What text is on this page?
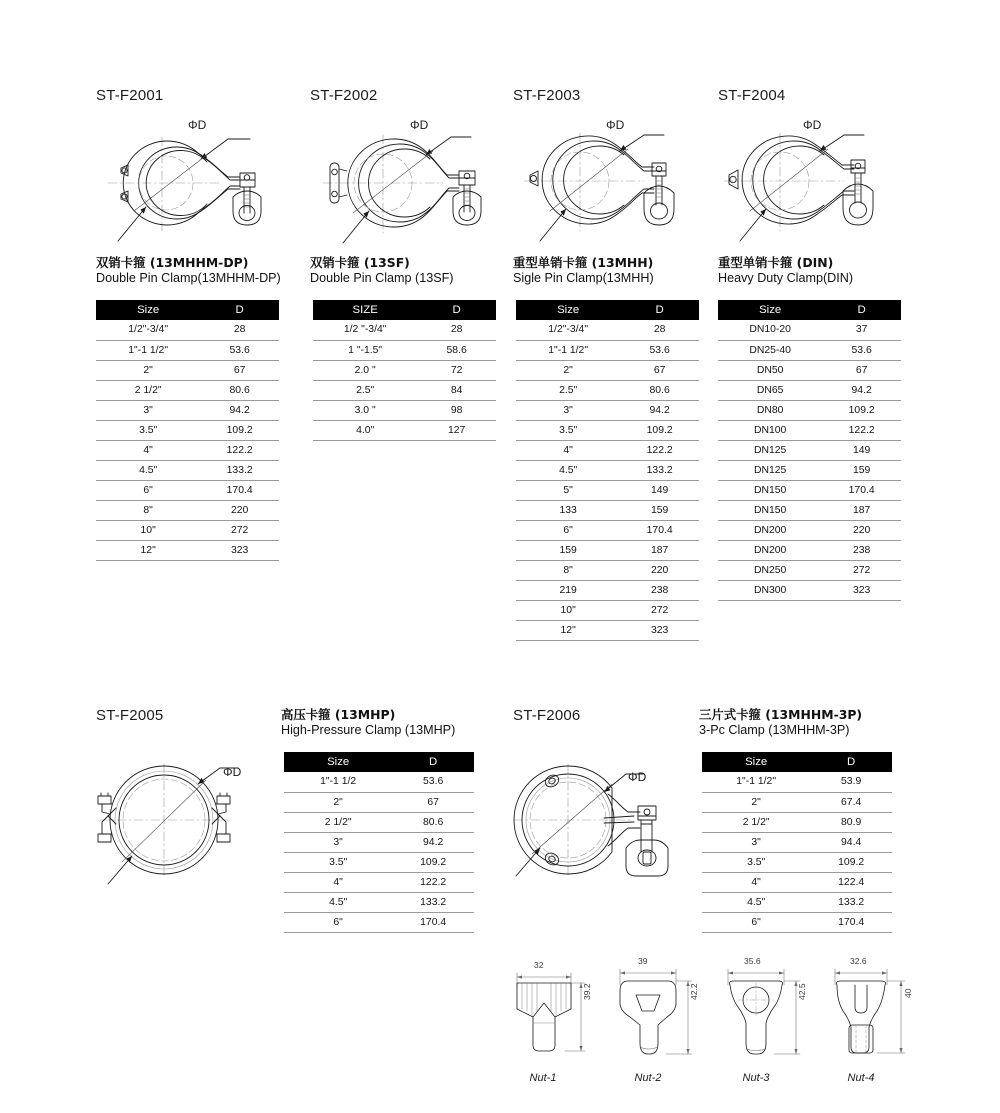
ST-F2001
ΦD
双销卡箍 (13MHHM-DP)
Double Pin Clamp(13MHHM-DP)
Size	D
1/2"-3/4"	28
1"-1 1/2"	53.6
2"	67
2 1/2"	80.6
3"	94.2
3.5"	109.2
4"	122.2
4.5"	133.2
6"	170.4
8"	220
10"	272
12"	323
ST-F2002
ΦD
双销卡箍 (13SF)
Double Pin Clamp (13SF)
SIZE	D
1/2 "-3/4"	28
1 "-1.5"	58.6
2.0 "	72
2.5"	84
3.0 "	98
4.0"	127
ST-F2003
ΦD
重型单销卡箍 (13MHH)
Sigle Pin Clamp(13MHH)
Size	D
1/2"-3/4"	28
1"-1 1/2"	53.6
2"	67
2.5"	80.6
3"	94.2
3.5"	109.2
4"	122.2
4.5"	133.2
5"	149
133	159
6"	170.4
159	187
8"	220
219	238
10"	272
12"	323
ST-F2004
ΦD
重型单销卡箍 (DIN)
Heavy Duty Clamp(DIN)
Size	D
DN10-20	37
DN25-40	53.6
DN50	67
DN65	94.2
DN80	109.2
DN100	122.2
DN125	149
DN125	159
DN150	170.4
DN150	187
DN200	220
DN200	238
DN250	272
DN300	323
ST-F2005	高压卡箍 (13MHP)
High-Pressure Clamp (13MHP)
ΦD
Size	D
1"-1 1/2	53.6
2"	67
2 1/2"	80.6
3"	94.2
3.5"	109.2
4"	122.2
4.5"	133.2
6"	170.4
ST-F2006	三片式卡箍 (13MHHM-3P)
3-Pc Clamp (13MHHM-3P)
ΦD
Size	D
1"-1 1/2"	53.9
2"	67.4
2 1/2"	80.9
3"	94.4
3.5"	109.2
4"	122.4
4.5"	133.2
6"	170.4
Nut-1
32
39.2
Nut-2
39
42.2
Nut-3
35.6
42.5
Nut-4
32.6
40
